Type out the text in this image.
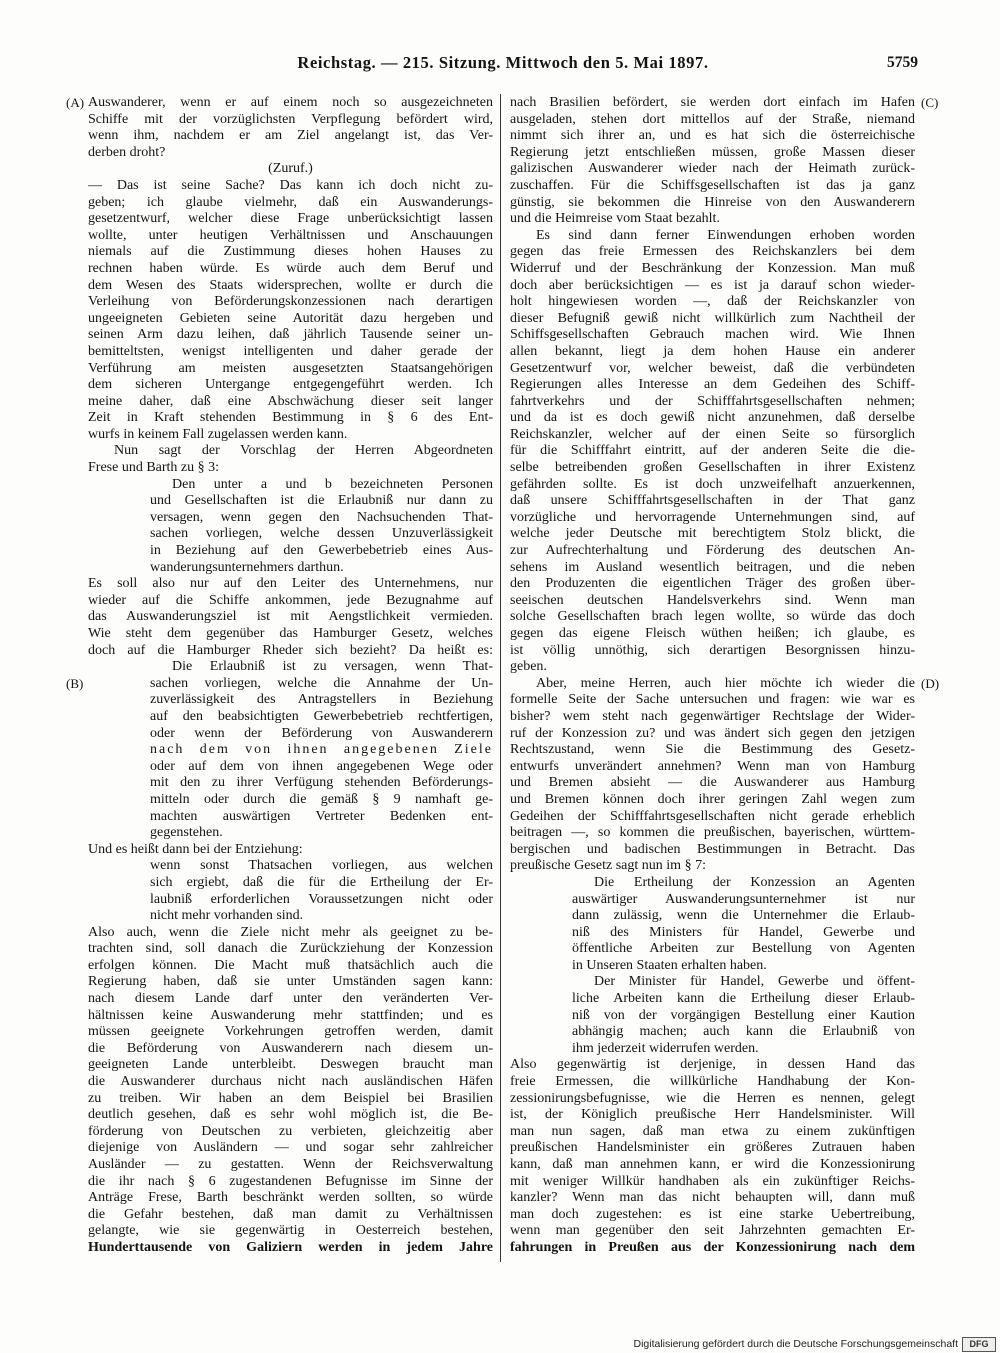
Reichstag. — 215. Sitzung. Mittwoch den 5. Mai 1897.	5759
(A)
(B)
(C)
(D)
Auswanderer, wenn er auf einem noch so ausgezeichneten
Schiffe mit der vorzüglichsten Verpflegung befördert wird,
wenn ihm, nachdem er am Ziel angelangt ist, das Ver-
derben droht?
(Zuruf.)
— Das ist seine Sache? Das kann ich doch nicht zu-
geben; ich glaube vielmehr, daß ein Auswanderungs-
gesetzentwurf, welcher diese Frage unberücksichtigt lassen
wollte, unter heutigen Verhältnissen und Anschauungen
niemals auf die Zustimmung dieses hohen Hauses zu
rechnen haben würde. Es würde auch dem Beruf und
dem Wesen des Staats widersprechen, wollte er durch die
Verleihung von Beförderungskonzessionen nach derartigen
ungeeigneten Gebieten seine Autorität dazu hergeben und
seinen Arm dazu leihen, daß jährlich Tausende seiner un-
bemitteltsten, wenigst intelligenten und daher gerade der
Verführung am meisten ausgesetzten Staatsangehörigen
dem sicheren Untergange entgegengeführt werden. Ich
meine daher, daß eine Abschwächung dieser seit langer
Zeit in Kraft stehenden Bestimmung in § 6 des Ent-
wurfs in keinem Fall zugelassen werden kann.
Nun sagt der Vorschlag der Herren Abgeordneten
Frese und Barth zu § 3:
Den unter a und b bezeichneten Personen
und Gesellschaften ist die Erlaubniß nur dann zu
versagen, wenn gegen den Nachsuchenden That-
sachen vorliegen, welche dessen Unzuverlässigkeit
in Beziehung auf den Gewerbebetrieb eines Aus-
wanderungsunternehmers darthun.
Es soll also nur auf den Leiter des Unternehmens, nur
wieder auf die Schiffe ankommen, jede Bezugnahme auf
das Auswanderungsziel ist mit Aengstlichkeit vermieden.
Wie steht dem gegenüber das Hamburger Gesetz, welches
doch auf die Hamburger Rheder sich bezieht? Da heißt es:
Die Erlaubniß ist zu versagen, wenn That-
sachen vorliegen, welche die Annahme der Un-
zuverlässigkeit des Antragstellers in Beziehung
auf den beabsichtigten Gewerbebetrieb rechtfertigen,
oder wenn der Beförderung von Auswanderern
nach dem von ihnen angegebenen Ziele
oder auf dem von ihnen angegebenen Wege oder
mit den zu ihrer Verfügung stehenden Beförderungs-
mitteln oder durch die gemäß § 9 namhaft ge-
machten auswärtigen Vertreter Bedenken ent-
gegenstehen.
Und es heißt dann bei der Entziehung:
wenn sonst Thatsachen vorliegen, aus welchen
sich ergiebt, daß die für die Ertheilung der Er-
laubniß erforderlichen Voraussetzungen nicht oder
nicht mehr vorhanden sind.
Also auch, wenn die Ziele nicht mehr als geeignet zu be-
trachten sind, soll danach die Zurückziehung der Konzession
erfolgen können. Die Macht muß thatsächlich auch die
Regierung haben, daß sie unter Umständen sagen kann:
nach diesem Lande darf unter den veränderten Ver-
hältnissen keine Auswanderung mehr stattfinden; und es
müssen geeignete Vorkehrungen getroffen werden, damit
die Beförderung von Auswanderern nach diesem un-
geeigneten Lande unterbleibt. Deswegen braucht man
die Auswanderer durchaus nicht nach ausländischen Häfen
zu treiben. Wir haben an dem Beispiel bei Brasilien
deutlich gesehen, daß es sehr wohl möglich ist, die Be-
förderung von Deutschen zu verbieten, gleichzeitig aber
diejenige von Ausländern — und sogar sehr zahlreicher
Ausländer — zu gestatten. Wenn der Reichsverwaltung
die ihr nach § 6 zugestandenen Befugnisse im Sinne der
Anträge Frese, Barth beschränkt werden sollten, so würde
die Gefahr bestehen, daß man damit zu Verhältnissen
gelangte, wie sie gegenwärtig in Oesterreich bestehen,
Hunderttausende von Galiziern werden in jedem Jahre
nach Brasilien befördert, sie werden dort einfach im Hafen
ausgeladen, stehen dort mittellos auf der Straße, niemand
nimmt sich ihrer an, und es hat sich die österreichische
Regierung jetzt entschließen müssen, große Massen dieser
galizischen Auswanderer wieder nach der Heimath zurück-
zuschaffen. Für die Schiffsgesellschaften ist das ja ganz
günstig, sie bekommen die Hinreise von den Auswanderern
und die Heimreise vom Staat bezahlt.
Es sind dann ferner Einwendungen erhoben worden
gegen das freie Ermessen des Reichskanzlers bei dem
Widerruf und der Beschränkung der Konzession. Man muß
doch aber berücksichtigen — es ist ja darauf schon wieder-
holt hingewiesen worden —, daß der Reichskanzler von
dieser Befugniß gewiß nicht willkürlich zum Nachtheil der
Schiffsgesellschaften Gebrauch machen wird. Wie Ihnen
allen bekannt, liegt ja dem hohen Hause ein anderer
Gesetzentwurf vor, welcher beweist, daß die verbündeten
Regierungen alles Interesse an dem Gedeihen des Schiff-
fahrtverkehrs und der Schifffahrtsgesellschaften nehmen;
und da ist es doch gewiß nicht anzunehmen, daß derselbe
Reichskanzler, welcher auf der einen Seite so fürsorglich
für die Schifffahrt eintritt, auf der anderen Seite die die-
selbe betreibenden großen Gesellschaften in ihrer Existenz
gefährden sollte. Es ist doch unzweifelhaft anzuerkennen,
daß unsere Schifffahrtsgesellschaften in der That ganz
vorzügliche und hervorragende Unternehmungen sind, auf
welche jeder Deutsche mit berechtigtem Stolz blickt, die
zur Aufrechterhaltung und Förderung des deutschen An-
sehens im Ausland wesentlich beitragen, und die neben
den Produzenten die eigentlichen Träger des großen über-
seeischen deutschen Handelsverkehrs sind. Wenn man
solche Gesellschaften brach legen wollte, so würde das doch
gegen das eigene Fleisch wüthen heißen; ich glaube, es
ist völlig unnöthig, sich derartigen Besorgnissen hinzu-
geben.
Aber, meine Herren, auch hier möchte ich wieder die
formelle Seite der Sache untersuchen und fragen: wie war es
bisher? wem steht nach gegenwärtiger Rechtslage der Wider-
ruf der Konzession zu? und was ändert sich gegen den jetzigen
Rechtszustand, wenn Sie die Bestimmung des Gesetz-
entwurfs unverändert annehmen? Wenn man von Hamburg
und Bremen absieht — die Auswanderer aus Hamburg
und Bremen können doch ihrer geringen Zahl wegen zum
Gedeihen der Schifffahrtsgesellschaften nicht gerade erheblich
beitragen —, so kommen die preußischen, bayerischen, württem-
bergischen und badischen Bestimmungen in Betracht. Das
preußische Gesetz sagt nun im § 7:
Die Ertheilung der Konzession an Agenten
auswärtiger Auswanderungsunternehmer ist nur
dann zulässig, wenn die Unternehmer die Erlaub-
niß des Ministers für Handel, Gewerbe und
öffentliche Arbeiten zur Bestellung von Agenten
in Unseren Staaten erhalten haben.
Der Minister für Handel, Gewerbe und öffent-
liche Arbeiten kann die Ertheilung dieser Erlaub-
niß von der vorgängigen Bestellung einer Kaution
abhängig machen; auch kann die Erlaubniß von
ihm jederzeit widerrufen werden.
Also gegenwärtig ist derjenige, in dessen Hand das
freie Ermessen, die willkürliche Handhabung der Kon-
zessionirungsbefugnisse, wie die Herren es nennen, gelegt
ist, der Königlich preußische Herr Handelsminister. Will
man nun sagen, daß man etwa zu einem zukünftigen
preußischen Handelsminister ein größeres Zutrauen haben
kann, daß man annehmen kann, er wird die Konzessionirung
mit weniger Willkür handhaben als ein zukünftiger Reichs-
kanzler? Wenn man das nicht behaupten will, dann muß
man doch zugestehen: es ist eine starke Uebertreibung,
wenn man gegenüber den seit Jahrzehnten gemachten Er-
fahrungen in Preußen aus der Konzessionirung nach dem
Digitalisierung gefördert durch die Deutsche Forschungsgemeinschaft	DFG
